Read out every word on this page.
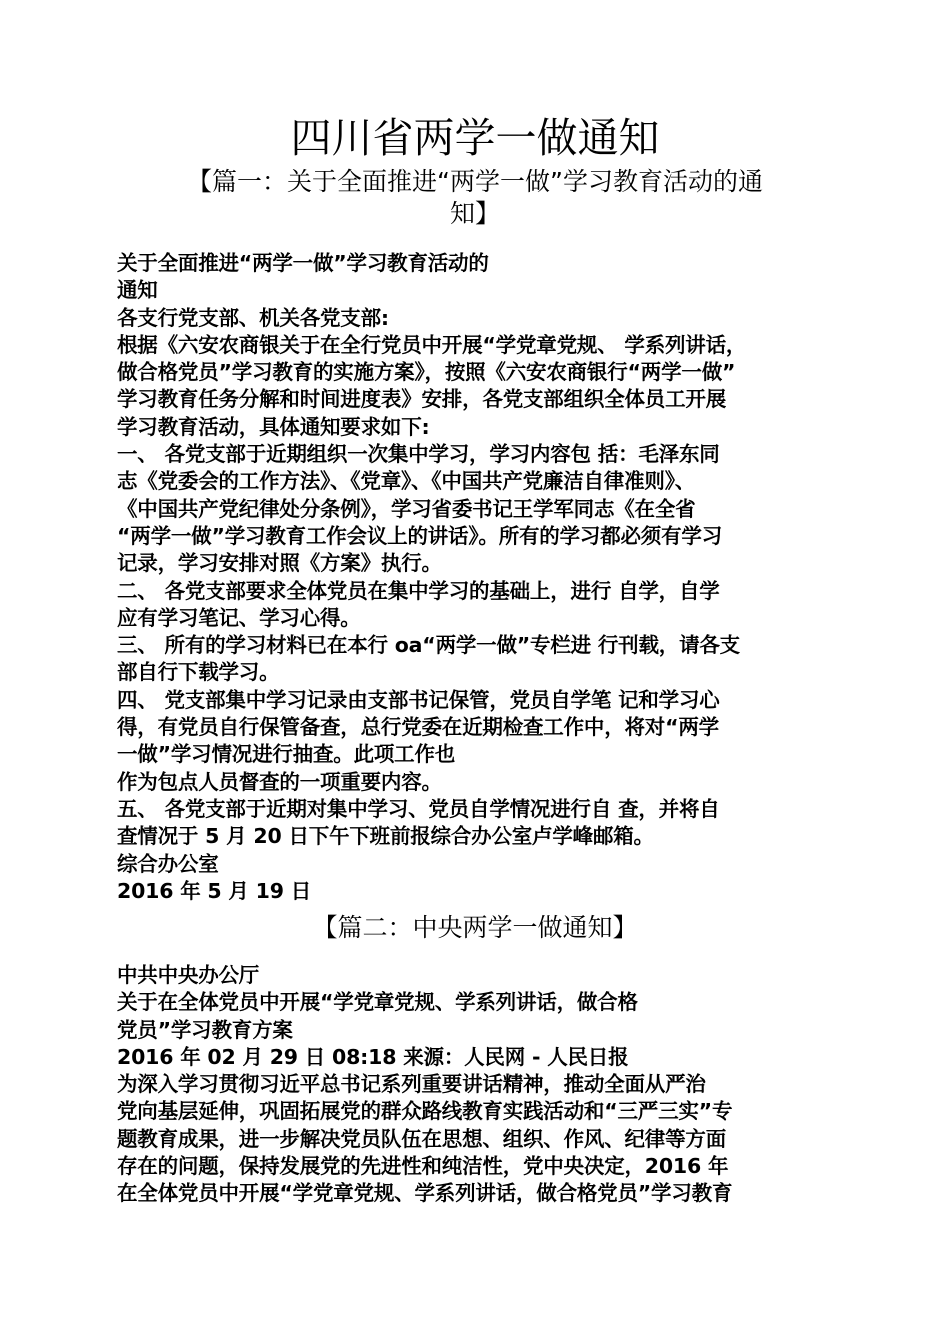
四川省两学一做通知
【篇一：关于全面推进“两学一做”学习教育活动的通
知】
关于全面推进“两学一做”学习教育活动的
通知
各支行党支部、机关各党支部:
根据《六安农商银关于在全行党员中开展“学党章党规、 学系列讲话，
做合格党员”学习教育的实施方案》，按照《六安农商银行“两学一做”
学习教育任务分解和时间进度表》安排，各党支部组织全体员工开展
学习教育活动，具体通知要求如下:
一、 各党支部于近期组织一次集中学习，学习内容包 括：毛泽东同
志《党委会的工作方法》、《党章》、《中国共产党廉洁自律准则》、
《中国共产党纪律处分条例》，学习省委书记王学军同志《在全省
“两学一做”学习教育工作会议上的讲话》。所有的学习都必须有学习
记录，学习安排对照《方案》执行。
二、 各党支部要求全体党员在集中学习的基础上，进行 自学，自学
应有学习笔记、学习心得。
三、 所有的学习材料已在本行 oa“两学一做”专栏进 行刊载，请各支
部自行下载学习。
四、 党支部集中学习记录由支部书记保管，党员自学笔 记和学习心
得，有党员自行保管备查，总行党委在近期检查工作中，将对“两学
一做”学习情况进行抽查。此项工作也
作为包点人员督查的一项重要内容。
五、 各党支部于近期对集中学习、党员自学情况进行自 查，并将自
查情况于 5 月 20 日下午下班前报综合办公室卢学峰邮箱。
综合办公室
2016 年 5 月 19 日
【篇二：中央两学一做通知】
中共中央办公厅
关于在全体党员中开展“学党章党规、学系列讲话，做合格
党员”学习教育方案
2016 年 02 月 29 日 08:18 来源：人民网 - 人民日报
为深入学习贯彻习近平总书记系列重要讲话精神，推动全面从严治
党向基层延伸，巩固拓展党的群众路线教育实践活动和“三严三实”专
题教育成果，进一步解决党员队伍在思想、组织、作风、纪律等方面
存在的问题，保持发展党的先进性和纯洁性，党中央决定，2016 年
在全体党员中开展“学党章党规、学系列讲话，做合格党员”学习教育
